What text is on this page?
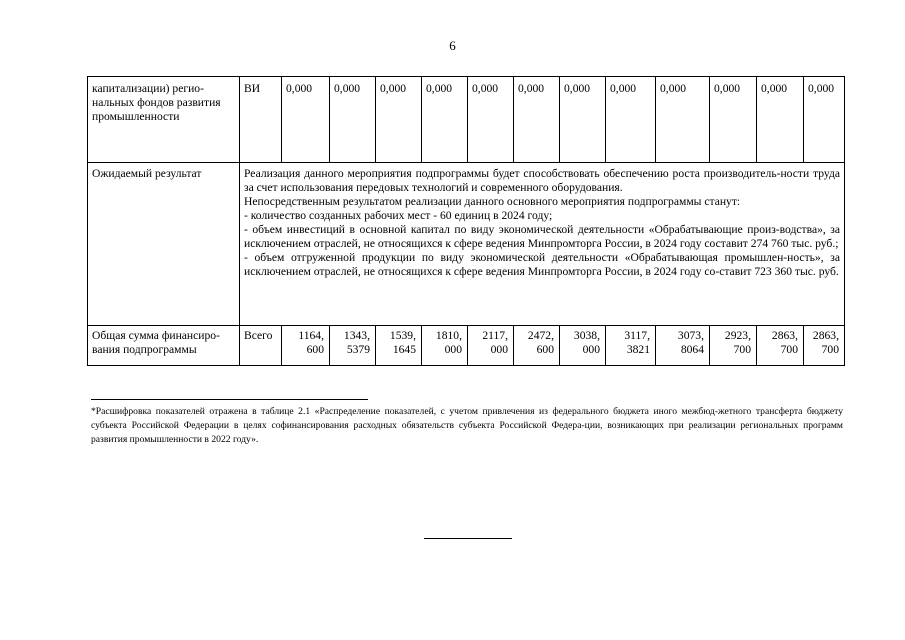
6
капитализации) регио-нальных фондов развития промышленности	ВИ	0,000	0,000	0,000	0,000	0,000	0,000	0,000	0,000	0,000	0,000	0,000	0,000
Ожидаемый результат	Реализация данного мероприятия подпрограммы будет способствовать обеспечению роста производитель-ности труда за счет использования передовых технологий и современного оборудования.
Непосредственным результатом реализации данного основного мероприятия подпрограммы станут:
- количество созданных рабочих мест - 60 единиц в 2024 году;
- объем инвестиций в основной капитал по виду экономической деятельности «Обрабатывающие произ-водства», за исключением отраслей, не относящихся к сфере ведения Минпромторга России, в 2024 году составит 274 760 тыс. руб.;
- объем отгруженной продукции по виду экономической деятельности «Обрабатывающая промышлен-ность», за исключением отраслей, не относящихся к сфере ведения Минпромторга России, в 2024 году со-ставит 723 360 тыс. руб.												

Общая сумма финансиро-вания подпрограммы	Всего	1164, 600	1343, 5379	1539, 1645	1810, 000	2117, 000	2472, 600	3038, 000	3117, 3821	3073, 8064	2923, 700	2863, 700	2863, 700
*Расшифровка показателей отражена в таблице 2.1 «Распределение показателей, с учетом привлечения из федерального бюджета иного межбюд-жетного трансферта бюджету субъекта Российской Федерации в целях софинансирования расходных обязательств субъекта Российской Федера-ции, возникающих при реализации региональных программ развития промышленности в 2022 году».
